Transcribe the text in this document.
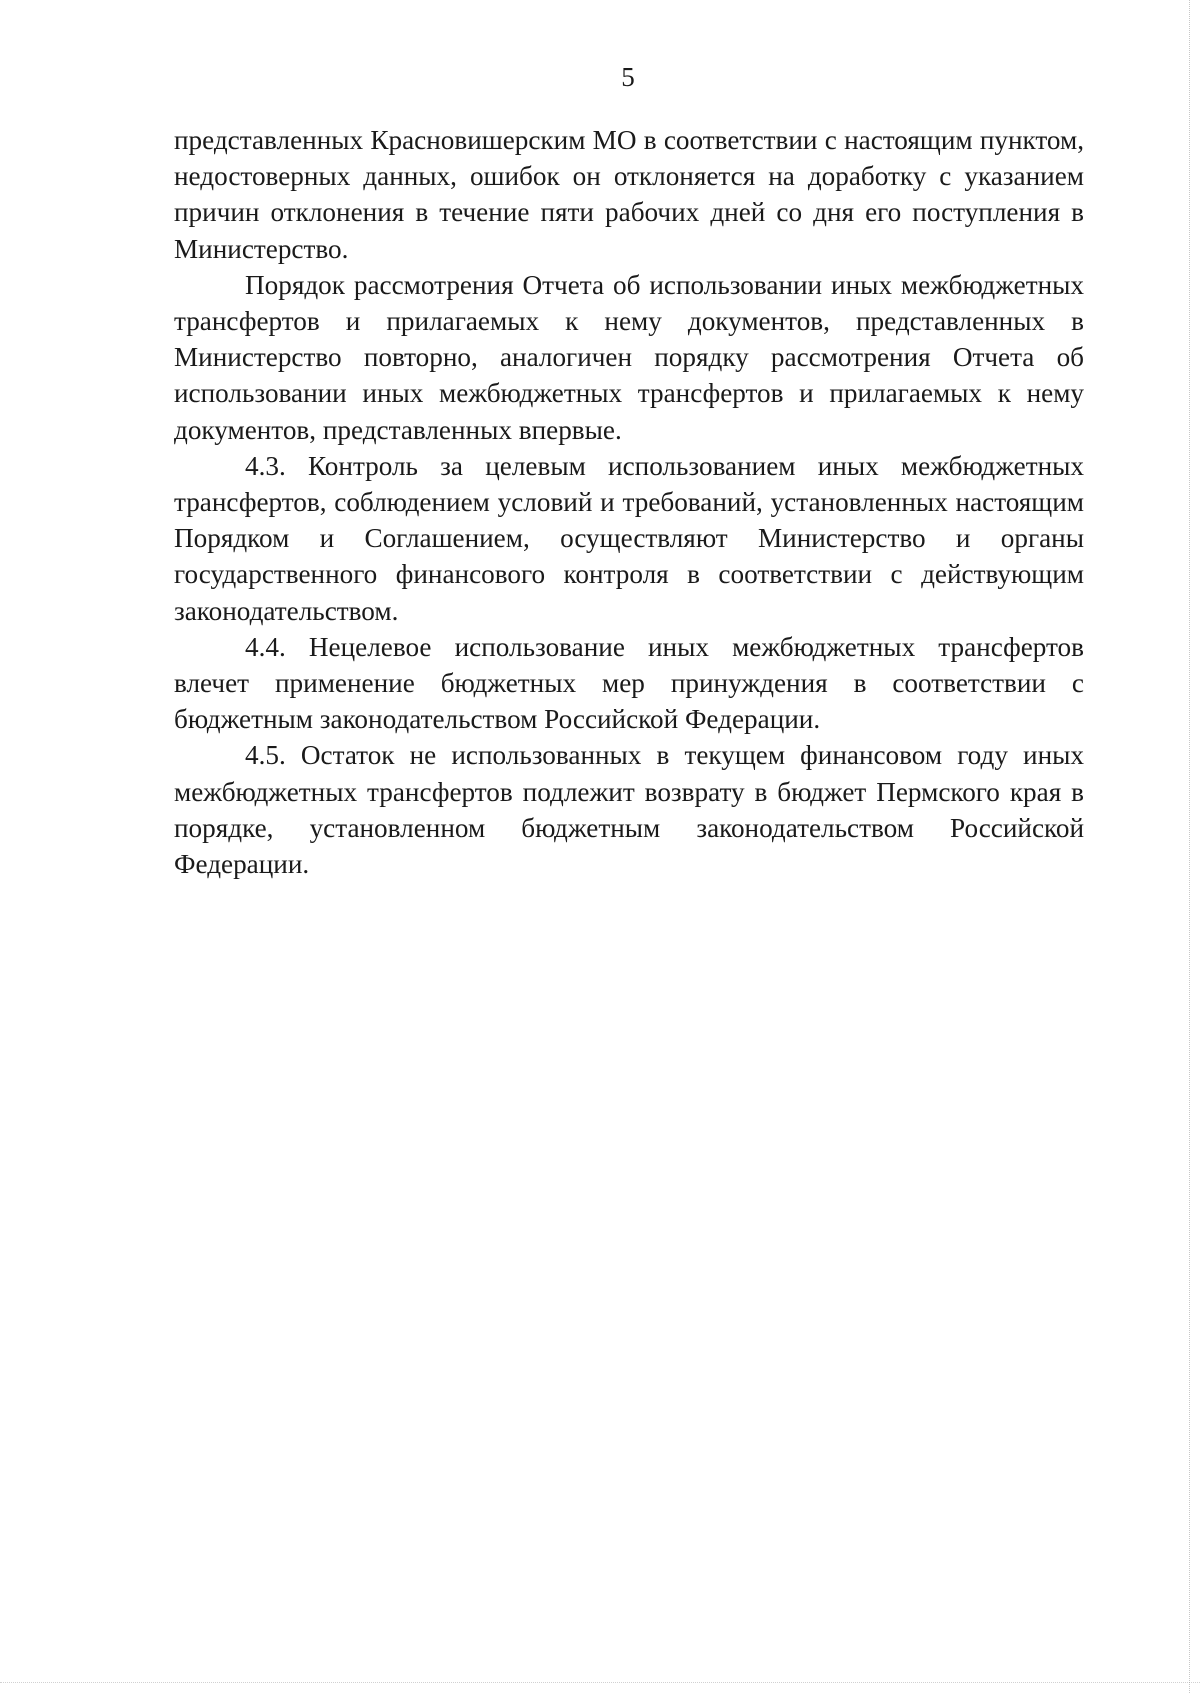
5

представленных Красновишерским МО в соответствии с настоящим пунктом, недостоверных данных, ошибок он отклоняется на доработку с указанием причин отклонения в течение пяти рабочих дней со дня его поступления в Министерство.

Порядок рассмотрения Отчета об использовании иных межбюджетных трансфертов и прилагаемых к нему документов, представленных в Министерство повторно, аналогичен порядку рассмотрения Отчета об использовании иных межбюджетных трансфертов и прилагаемых к нему документов, представленных впервые.

4.3. Контроль за целевым использованием иных межбюджетных трансфертов, соблюдением условий и требований, установленных настоящим Порядком и Соглашением, осуществляют Министерство и органы государственного финансового контроля в соответствии с действующим законодательством.

4.4. Нецелевое использование иных межбюджетных трансфертов влечет применение бюджетных мер принуждения в соответствии с бюджетным законодательством Российской Федерации.

4.5. Остаток не использованных в текущем финансовом году иных межбюджетных трансфертов подлежит возврату в бюджет Пермского края в порядке, установленном бюджетным законодательством Российской Федерации.
